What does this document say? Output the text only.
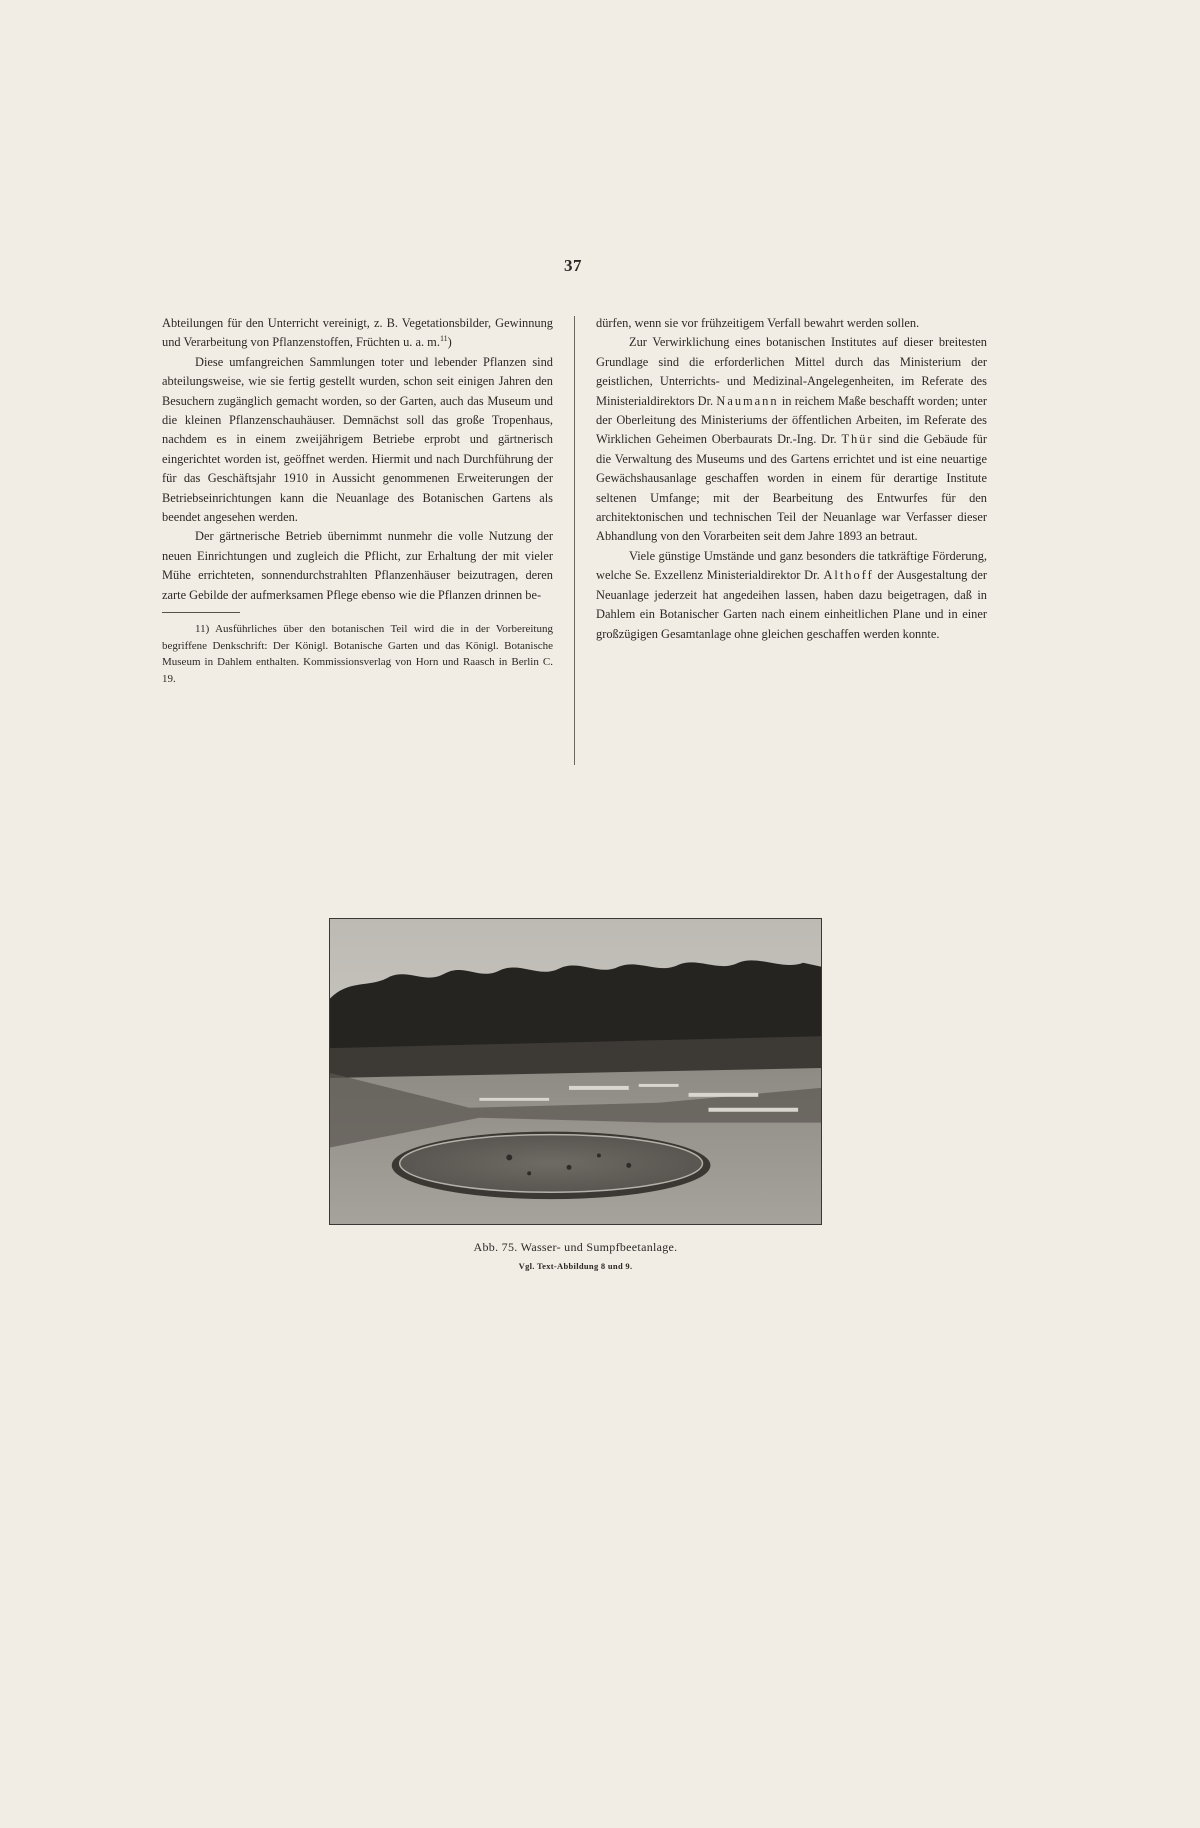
37

Abteilungen für den Unterricht vereinigt, z. B. Vegetationsbilder, Gewinnung und Verarbeitung von Pflanzenstoffen, Früchten u. a. m.$^{11}$)

Diese umfangreichen Sammlungen toter und lebender Pflanzen sind abteilungsweise, wie sie fertig gestellt wurden, schon seit einigen Jahren den Besuchern zugänglich gemacht worden, so der Garten, auch das Museum und die kleinen Pflanzenschauhäuser. Demnächst soll das große Tropenhaus, nachdem es in einem zweijährigem Betriebe erprobt und gärtnerisch eingerichtet worden ist, geöffnet werden. Hiermit und nach Durchführung der für das Geschäftsjahr 1910 in Aussicht genommenen Erweiterungen der Betriebseinrichtungen kann die Neuanlage des Botanischen Gartens als beendet angesehen werden.

Der gärtnerische Betrieb übernimmt nunmehr die volle Nutzung der neuen Einrichtungen und zugleich die Pflicht, zur Erhaltung der mit vieler Mühe errichteten, sonnendurchstrahlten Pflanzenhäuser beizutragen, deren zarte Gebilde der aufmerksamen Pflege ebenso wie die Pflanzen drinnen be-

11) Ausführliches über den botanischen Teil wird die in der Vorbereitung begriffene Denkschrift: Der Königl. Botanische Garten und das Königl. Botanische Museum in Dahlem enthalten. Kommissionsverlag von Horn und Raasch in Berlin C. 19.

dürfen, wenn sie vor frühzeitigem Verfall bewahrt werden sollen.

Zur Verwirklichung eines botanischen Institutes auf dieser breitesten Grundlage sind die erforderlichen Mittel durch das Ministerium der geistlichen, Unterrichts- und Medizinal-Angelegenheiten, im Referate des Ministerialdirektors Dr. Naumann in reichem Maße beschafft worden; unter der Oberleitung des Ministeriums der öffentlichen Arbeiten, im Referate des Wirklichen Geheimen Oberbaurats Dr.-Ing. Dr. Thür sind die Gebäude für die Verwaltung des Museums und des Gartens errichtet und ist eine neuartige Gewächshausanlage geschaffen worden in einem für derartige Institute seltenen Umfange; mit der Bearbeitung des Entwurfes für den architektonischen und technischen Teil der Neuanlage war Verfasser dieser Abhandlung von den Vorarbeiten seit dem Jahre 1893 an betraut.

Viele günstige Umstände und ganz besonders die tatkräftige Förderung, welche Se. Exzellenz Ministerialdirektor Dr. Althoff der Ausgestaltung der Neuanlage jederzeit hat angedeihen lassen, haben dazu beigetragen, daß in Dahlem ein Botanischer Garten nach einem einheitlichen Plane und in einer großzügigen Gesamtanlage ohne gleichen geschaffen werden konnte.

Abb. 75. Wasser- und Sumpfbeetanlage.
Vgl. Text-Abbildung 8 und 9.
